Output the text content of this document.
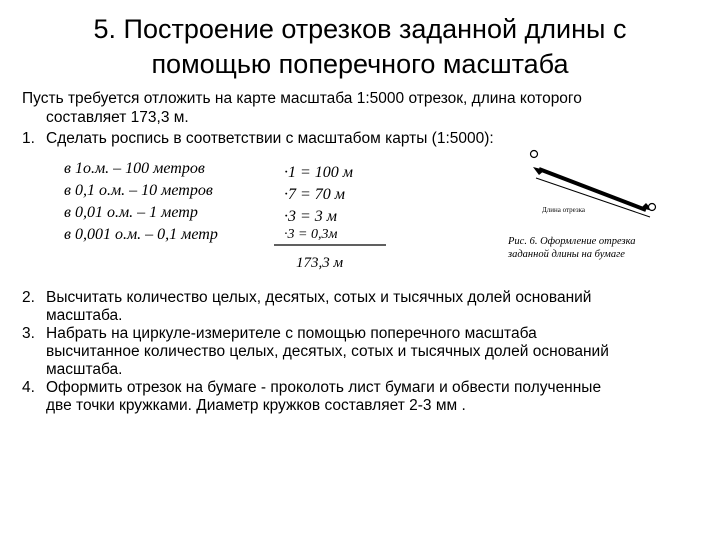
5. Построение отрезков заданной длины с
помощью поперечного масштаба
Пусть требуется отложить на карте масштаба 1:5000 отрезок, длина которого
составляет 173,3 м.
1. Сделать роспись в соответствии с масштабом карты (1:5000):
в 1о.м. – 100 метров
в 0,1 о.м. – 10 метров
в 0,01 о.м. – 1 метр
в 0,001 о.м. – 0,1 метр
·1 = 100 м
·7 = 70 м
·3 = 3 м
·3 = 0,3м
173,3 м
Длина отрезка
Рис. 6. Оформление отрезка заданной длины на бумаге
2. Высчитать количество целых, десятых, сотых и тысячных долей оснований
масштаба.
3. Набрать на циркуле-измерителе с помощью поперечного масштаба
высчитанное количество целых, десятых, сотых и тысячных долей оснований
масштаба.
4. Оформить отрезок на бумаге - проколоть лист бумаги и обвести полученные
две точки кружками. Диаметр кружков составляет 2-3 мм .
